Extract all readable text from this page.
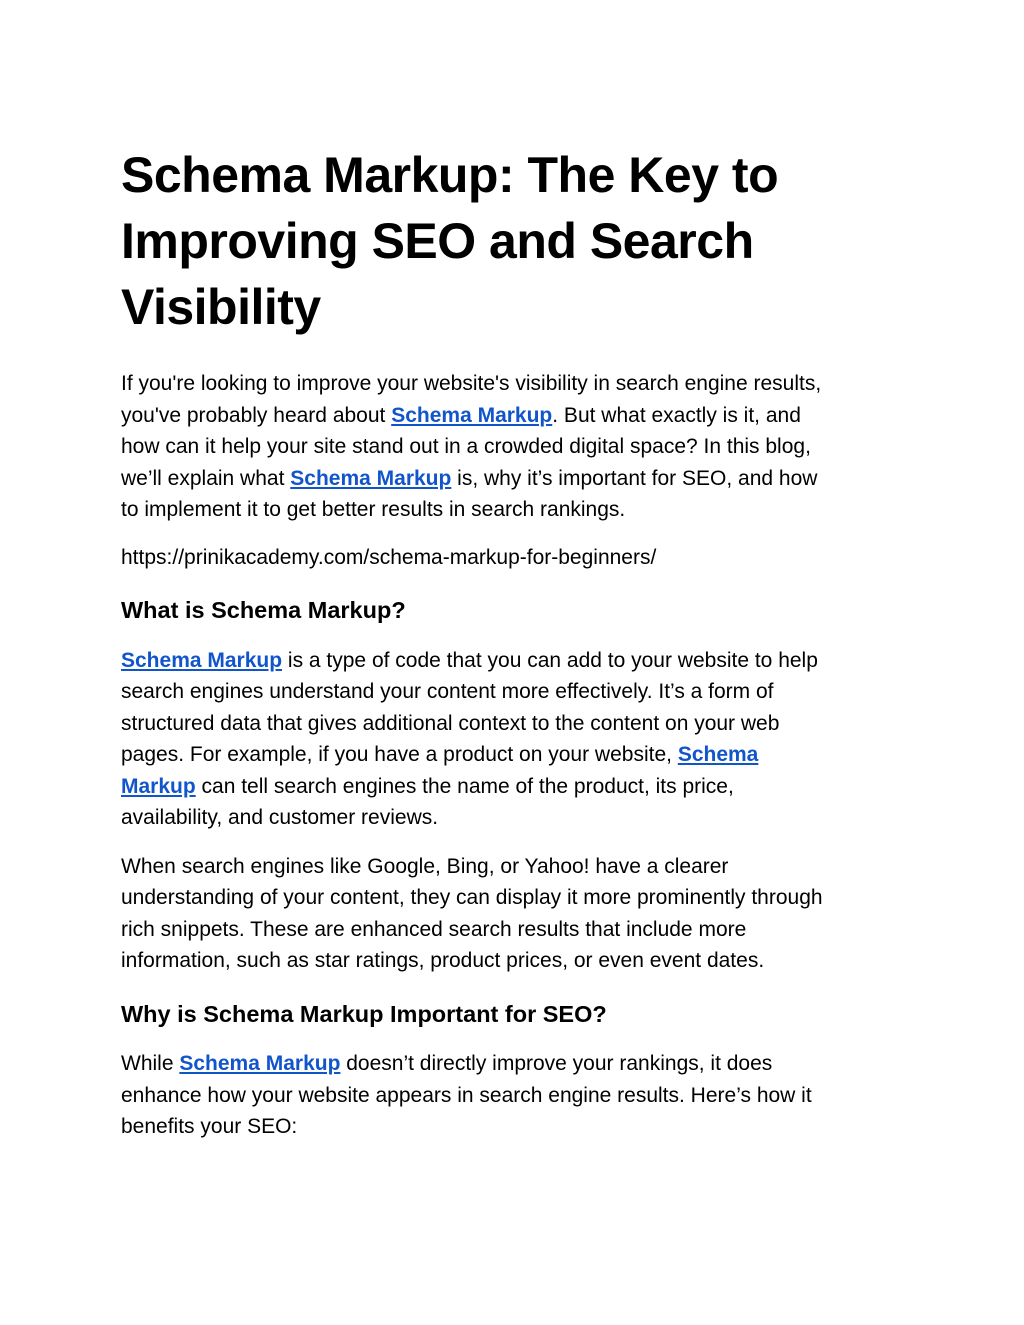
Schema Markup: The Key to
Improving SEO and Search
Visibility

If you're looking to improve your website's visibility in search engine results,
you've probably heard about Schema Markup. But what exactly is it, and
how can it help your site stand out in a crowded digital space? In this blog,
we’ll explain what Schema Markup is, why it’s important for SEO, and how
to implement it to get better results in search rankings.

https://prinikacademy.com/schema-markup-for-beginners/

What is Schema Markup?

Schema Markup is a type of code that you can add to your website to help
search engines understand your content more effectively. It’s a form of
structured data that gives additional context to the content on your web
pages. For example, if you have a product on your website, Schema
Markup can tell search engines the name of the product, its price,
availability, and customer reviews.

When search engines like Google, Bing, or Yahoo! have a clearer
understanding of your content, they can display it more prominently through
rich snippets. These are enhanced search results that include more
information, such as star ratings, product prices, or even event dates.

Why is Schema Markup Important for SEO?

While Schema Markup doesn’t directly improve your rankings, it does
enhance how your website appears in search engine results. Here’s how it
benefits your SEO:
